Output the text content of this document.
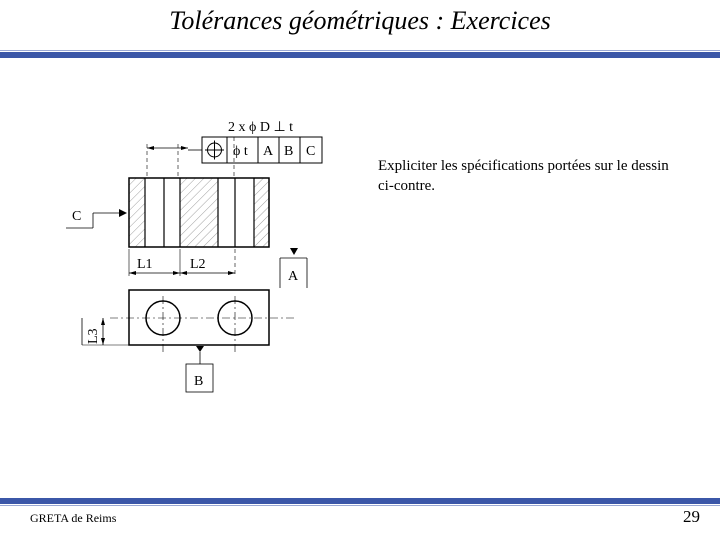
Tolérances géométriques : Exercices
2 x ϕ D ⊥ t
ϕ t A B C
C
A
L1	L2
L3
B
Expliciter les spécifications portées sur le dessin ci-contre.
GRETA de Reims	29
